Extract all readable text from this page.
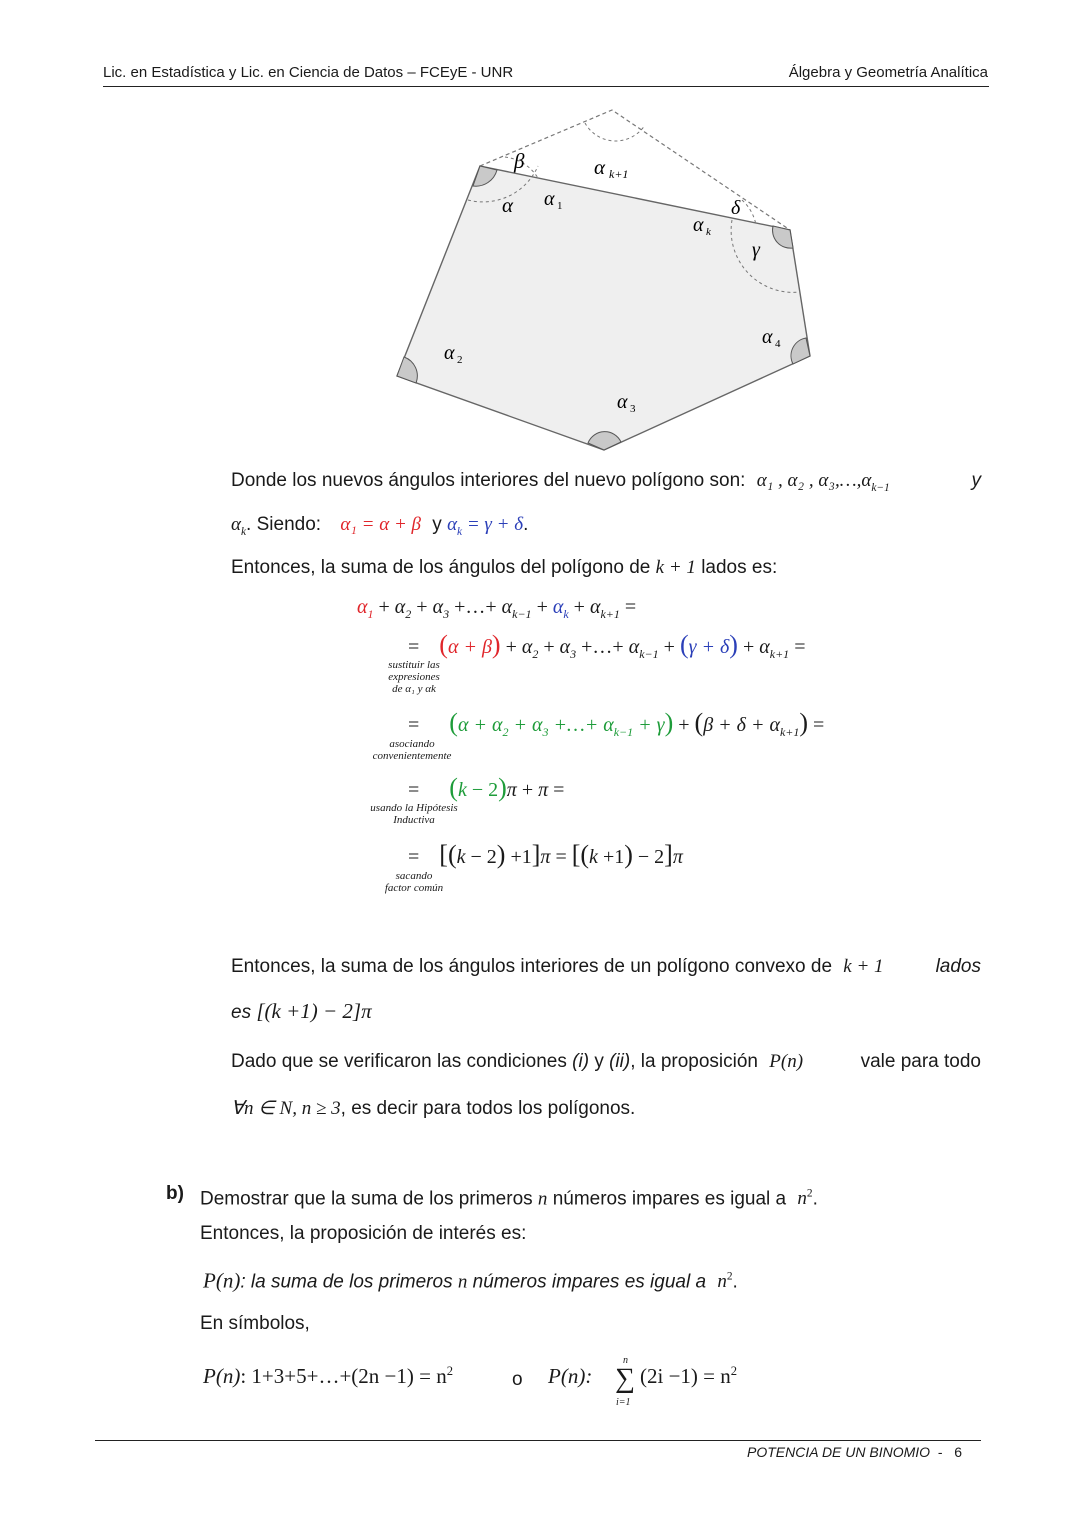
Lic. en Estadística y Lic. en Ciencia de Datos – FCEyE - UNR	Álgebra y Geometría Analítica
β	α k+1
α α 1	δ
α k
γ
α 4
α 2
α 3
Donde los nuevos ángulos interiores del nuevo polígono son: α₁ , α₂ , $\alpha_3,\dots,\alpha_{k-1}$	y
$\alpha_k$. Siendo: α₁ = α + β y $\alpha_k = \gamma + \delta$.
Entonces, la suma de los ángulos del polígono de k + 1 lados es:
$\alpha_1 + \alpha_2 + \alpha_3$ +…+ $\alpha_{k-1} + \alpha_k + \alpha_{k+1}$ =
=    $(\alpha + \beta) + \alpha_2 + \alpha_3$ +…+ $\alpha_{k-1} + (\gamma + \delta) + \alpha_{k+1}$ =
sustituir las
expresiones
de α₁ y αk
=      ($\alpha + \alpha_2 + \alpha_3$ +…+ $\alpha_{k-1} + \gamma) + (\beta + \delta + \alpha_{k+1})$ =
asociando
convenientemente
=      (k − 2)π + π =
usando la Hipótesis
Inductiva
=    [(k − 2) +1]π = [(k +1) − 2]π
sacando
factor común
Entonces, la suma de los ángulos interiores de un polígono convexo de k + 1	lados
es [(k +1) − 2]π
Dado que se verificaron las condiciones (i) y (ii), la proposición P(n)	vale para todo
∀n ∈ N, n ≥ 3, es decir para todos los polígonos.
b) Demostrar que la suma de los primeros n números impares es igual a $n^2$.
Entonces, la proposición de interés es:
P(n): la suma de los primeros n números impares es igual a $n^2$.
En símbolos,
P(n): 1+3+5+…+(2n $-1) = n^2$	o P(n):
n
∑
i=1
$(2i -1) = n^2$
POTENCIA DE UN BINOMIO - 6
